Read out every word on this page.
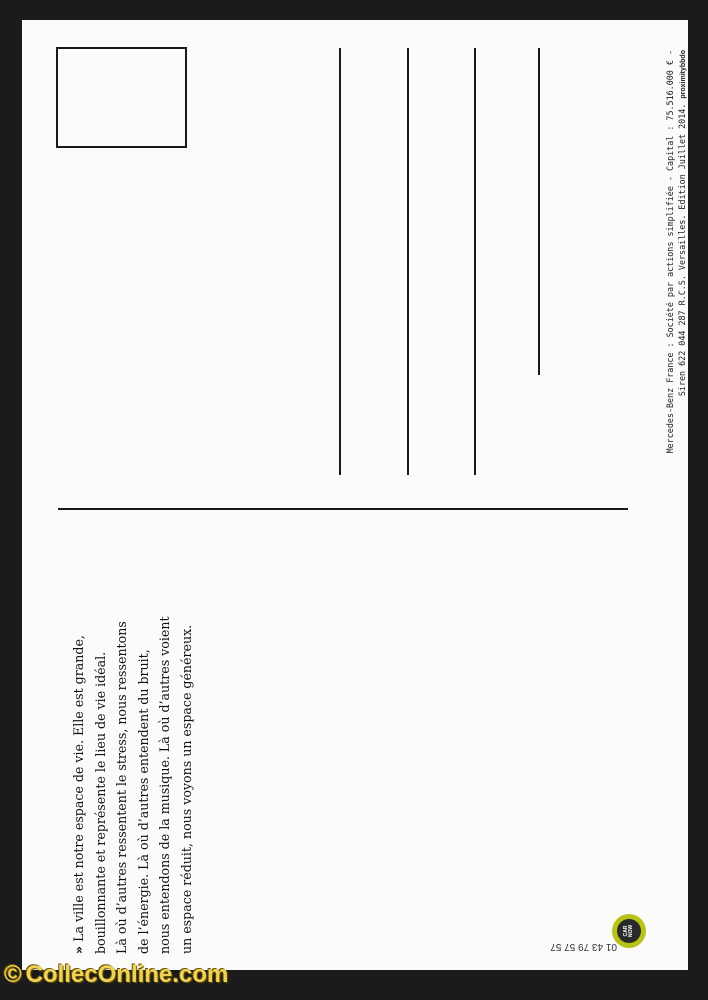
Mercedes-Benz France : Société par actions simplifiée - Capital : 75.516.000 € - Siren 622 044 287 R.C.S. Versailles. Edition Juillet 2014. proximitybbdo
»La ville est notre espace de vie. Elle est grande, bouillonnante et représente le lieu de vie idéal. Là où d’autres ressentent le stress, nous ressentons de l’énergie. Là où d’autres entendent du bruit, nous entendons de la musique. Là où d’autres voient un espace réduit, nous voyons un espace généreux.	01 43 79 57 57
CAR NOW
© CollecOnline.com
